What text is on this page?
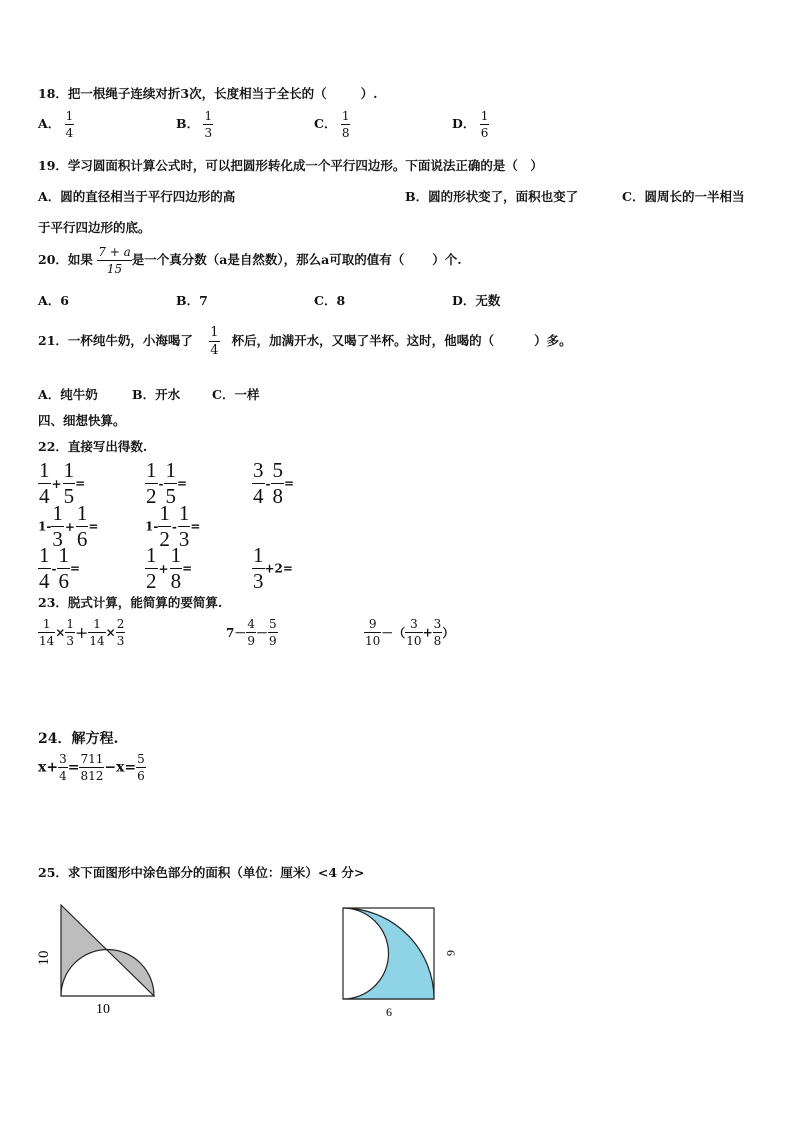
18．把一根绳子连续对折3次，长度相当于全长的（	）.
A． $\frac{1}{4}$	B． $\frac{1}{3}$	C． $\frac{1}{8}$	D． $\frac{1}{6}$
19．学习圆面积计算公式时，可以把圆形转化成一个平行四边形。下面说法正确的是（　）
A．圆的直径相当于平行四边形的高	B．圆的形状变了，面积也变了	C．圆周长的一半相当
于平行四边形的底。
20．如果 $\frac{7 + a}{15}$ 是一个真分数（a是自然数），那么a可取的值有（ ）个.
A．6	B．7	C．8	D．无数
21．一杯纯牛奶，小海喝了 $\frac{1}{4}$ 杯后，加满开水，又喝了半杯。这时，他喝的（	）多。
A．纯牛奶	B．开水	C．一样
四、细想快算。
22．直接写出得数.
$\frac{1}{4} + \frac{1}{5}$ =	$\frac{1}{2} - \frac{1}{5}$ =	$\frac{3}{4} - \frac{5}{8}$ =
$1- \frac{1}{3} + \frac{1}{6}$ =	$1- \frac{1}{2} - \frac{1}{3}$ =
$\frac{1}{4} - \frac{1}{6}$ =	$\frac{1}{2} + \frac{1}{8}$ =	$\frac{1}{3} +2=$
23．脱式计算，能简算的要简算.
$\frac{1}{14} \times \frac{1}{3} + \frac{1}{14} \times \frac{2}{3}$	$7- \frac{4}{9} - \frac{5}{9}$	$\frac{9}{10}$ －（ $\frac{3}{10} + \frac{3}{8}$ ）
24．解方程.
$x+ \frac{3}{4} = \frac{711}{812} -x= \frac{5}{6}$
25．求下面图形中涂色部分的面积（单位：厘米）<4 分>
10
10
6
6
